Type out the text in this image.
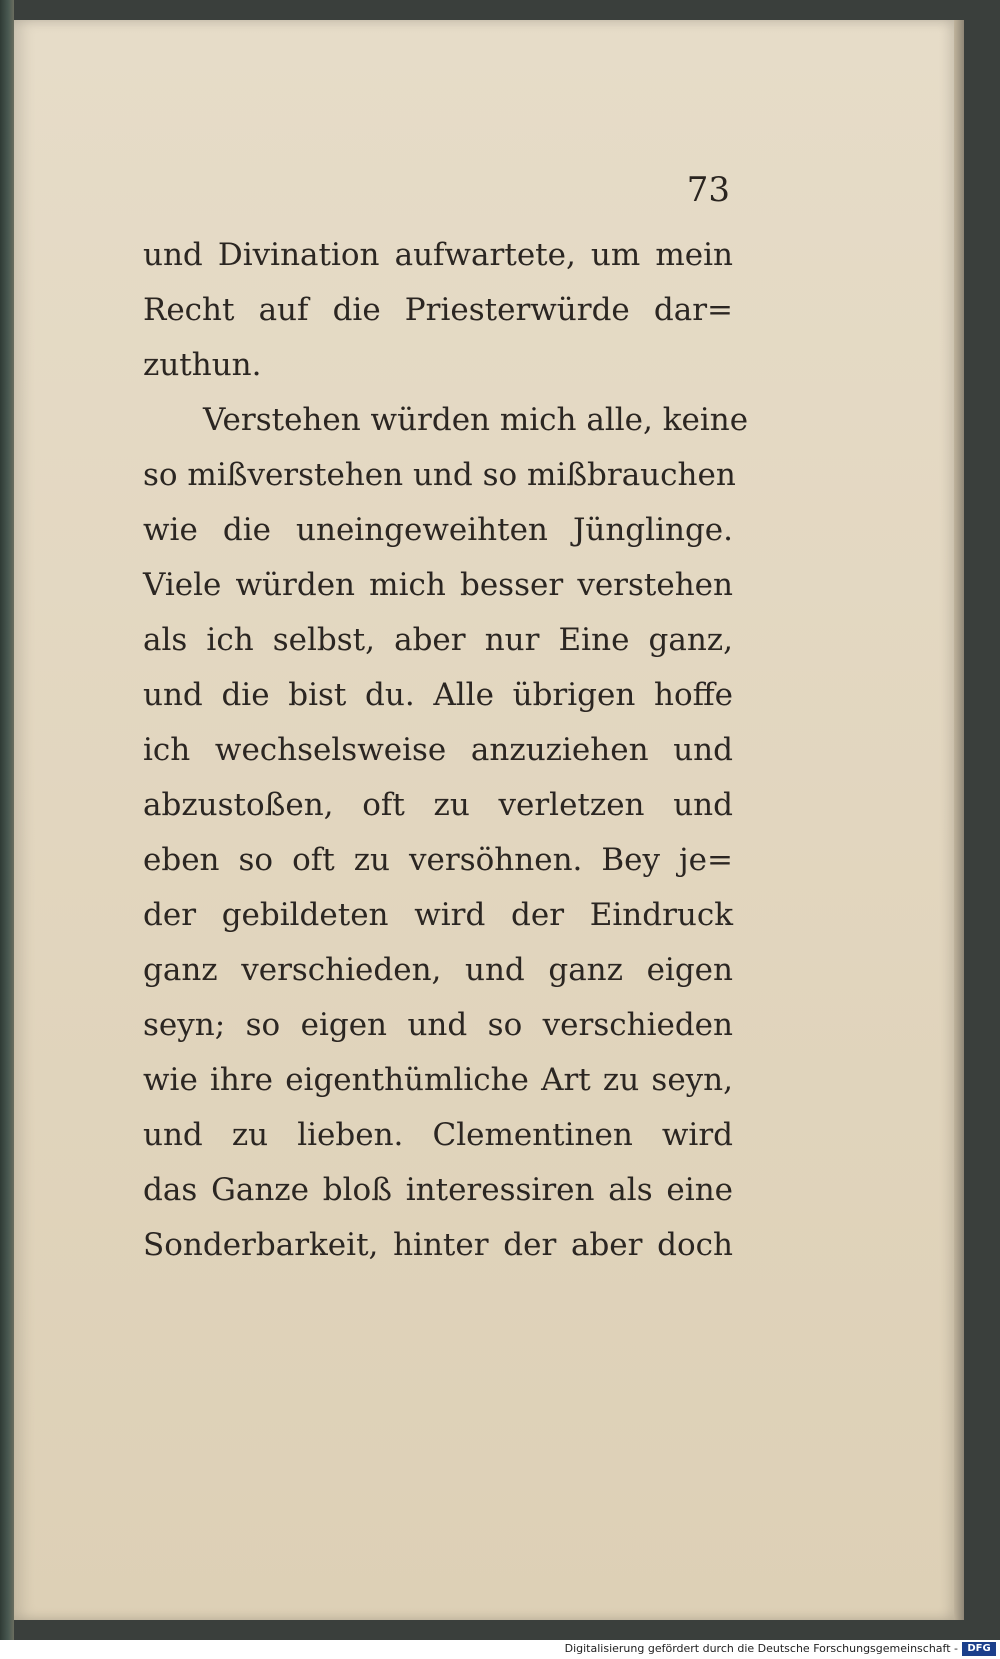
73
und Divination aufwartete, um mein
Recht auf die Priesterwürde dar=
zuthun.
Verstehen würden mich alle, keine
so mißverstehen und so mißbrauchen
wie die uneingeweihten Jünglinge.
Viele würden mich besser verstehen
als ich selbst, aber nur Eine ganz,
und die bist du. Alle übrigen hoffe
ich wechselsweise anzuziehen und
abzustoßen, oft zu verletzen und
eben so oft zu versöhnen. Bey je=
der gebildeten wird der Eindruck
ganz verschieden, und ganz eigen
seyn; so eigen und so verschieden
wie ihre eigenthümliche Art zu seyn,
und zu lieben. Clementinen wird
das Ganze bloß interessiren als eine
Sonderbarkeit, hinter der aber doch
Digitalisierung gefördert durch die Deutsche Forschungsgemeinschaft - DFG
